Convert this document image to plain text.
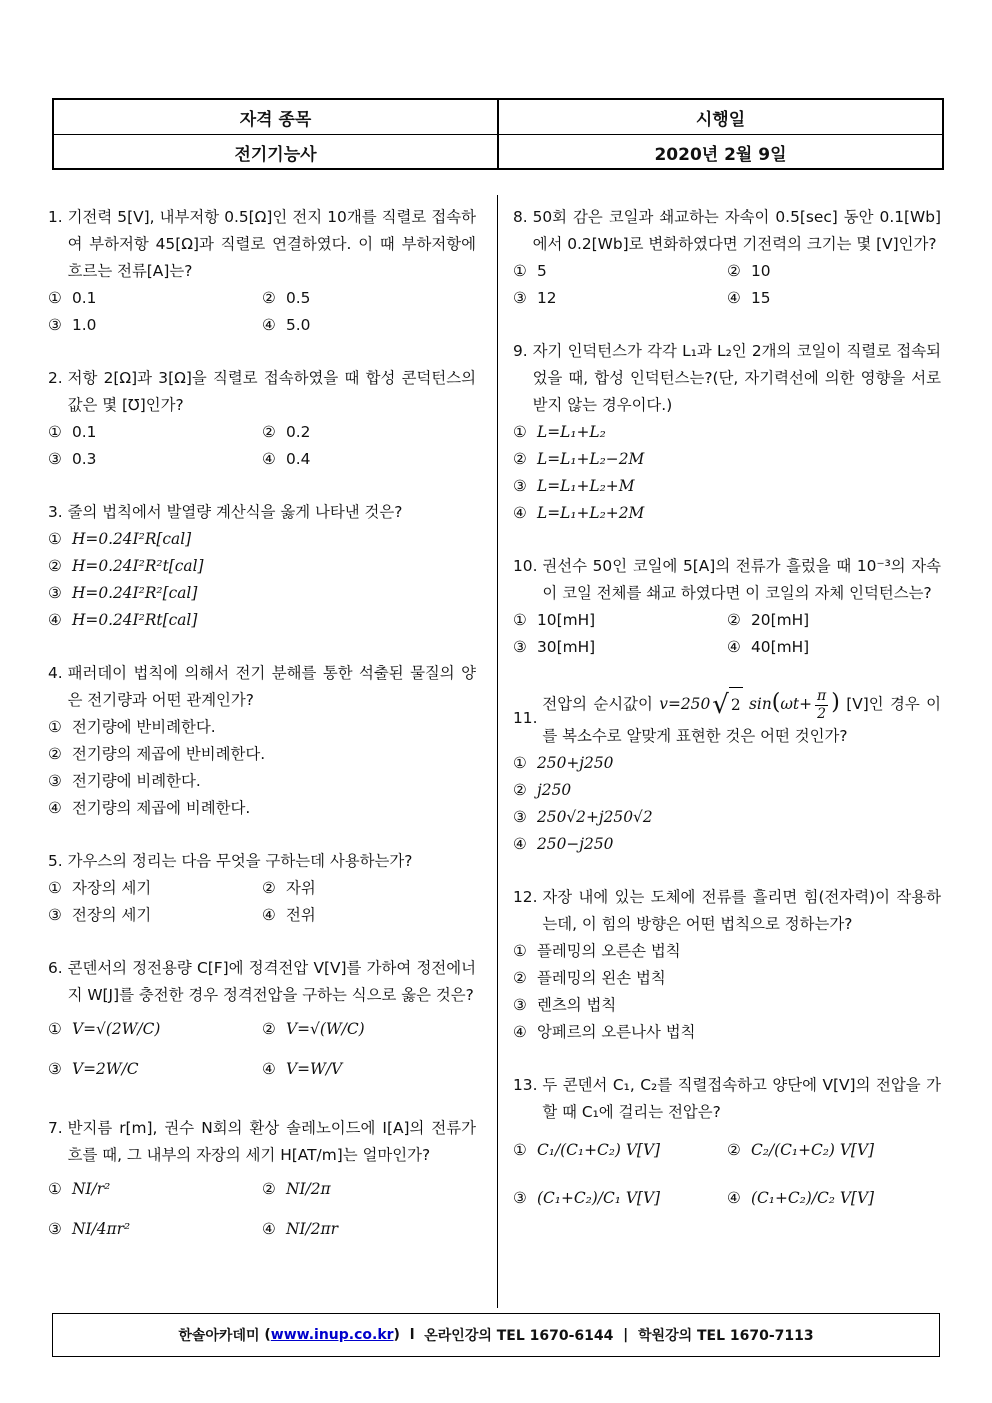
자격 종목	시행일
전기기능사	2020년 2월 9일
1. 기전력 5[V], 내부저항 0.5[Ω]인 전지 10개를 직렬로 접속하여 부하저항 45[Ω]과 직렬로 연결하였다. 이 때 부하저항에 흐르는 전류[A]는?
① 0.1	② 0.5
③ 1.0	④ 5.0
2. 저항 2[Ω]과 3[Ω]을 직렬로 접속하였을 때 합성 콘덕턴스의 값은 몇 [℧]인가?
① 0.1	② 0.2
③ 0.3	④ 0.4
3. 줄의 법칙에서 발열량 계산식을 옳게 나타낸 것은?
① H=0.24I²R[cal]
② H=0.24I²R²t[cal]
③ H=0.24I²R²[cal]
④ H=0.24I²Rt[cal]
4. 패러데이 법칙에 의해서 전기 분해를 통한 석출된 물질의 양은 전기량과 어떤 관계인가?
① 전기량에 반비례한다.
② 전기량의 제곱에 반비례한다.
③ 전기량에 비례한다.
④ 전기량의 제곱에 비례한다.
5. 가우스의 정리는 다음 무엇을 구하는데 사용하는가?
① 자장의 세기	② 자위
③ 전장의 세기	④ 전위
6. 콘덴서의 정전용량 C[F]에 정격전압 V[V]를 가하여 정전에너지 W[J]를 충전한 경우 정격전압을 구하는 식으로 옳은 것은?
① V=√(2W/C)	② V=√(W/C)
③ V=2W/C	④ V=W/V
7. 반지름 r[m], 권수 N회의 환상 솔레노이드에 I[A]의 전류가 흐를 때, 그 내부의 자장의 세기 H[AT/m]는 얼마인가?
① NI/r²	② NI/2π
③ NI/4πr²	④ NI/2πr
8. 50회 감은 코일과 쇄교하는 자속이 0.5[sec] 동안 0.1[Wb]에서 0.2[Wb]로 변화하였다면 기전력의 크기는 몇 [V]인가?
① 5	② 10
③ 12	④ 15
9. 자기 인덕턴스가 각각 L₁과 L₂인 2개의 코일이 직렬로 접속되었을 때, 합성 인덕턴스는?(단, 자기력선에 의한 영향을 서로 받지 않는 경우이다.)
① L=L₁+L₂
② L=L₁+L₂−2M
③ L=L₁+L₂+M
④ L=L₁+L₂+2M
10. 권선수 50인 코일에 5[A]의 전류가 흘렀을 때 10⁻³의 자속이 코일 전체를 쇄교 하였다면 이 코일의 자체 인덕턴스는?
① 10[mH]	② 20[mH]
③ 30[mH]	④ 40[mH]
11.
전압의 순시값이 v=250 √ 2 $\sin(\omega t+ \frac{\pi}{2}$ ) [V]인 경우 이를 복소수로 알맞게 표현한 것은 어떤 것인가?
① 250+j250
② j250
③ 250√2+j250√2
④ 250−j250
12. 자장 내에 있는 도체에 전류를 흘리면 힘(전자력)이 작용하는데, 이 힘의 방향은 어떤 법칙으로 정하는가?
① 플레밍의 오른손 법칙
② 플레밍의 왼손 법칙
③ 렌츠의 법칙
④ 앙페르의 오른나사 법칙
13. 두 콘덴서 C₁, C₂를 직렬접속하고 양단에 V[V]의 전압을 가할 때 C₁에 걸리는 전압은?
① C₁/(C₁+C₂) V[V]	② C₂/(C₁+C₂) V[V]
③ (C₁+C₂)/C₁ V[V]	④ (C₁+C₂)/C₂ V[V]
한솔아카데미 ( www.inup.co.kr )  l 온라인강의 TEL 1670-6144 | 학원강의 TEL 1670-7113
